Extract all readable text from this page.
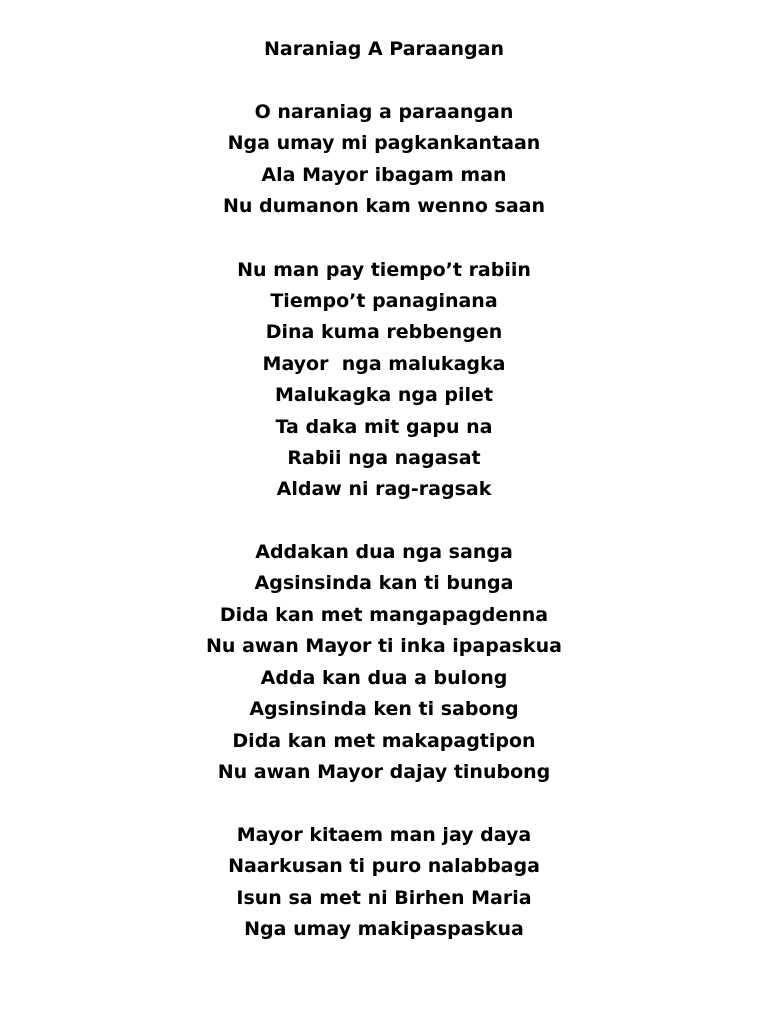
Naraniag A Paraangan
O naraniag a paraangan
Nga umay mi pagkankantaan
Ala Mayor ibagam man
Nu dumanon kam wenno saan
Nu man pay tiempo’t rabiin
Tiempo’t panaginana
Dina kuma rebbengen
Mayor  nga malukagka
Malukagka nga pilet
Ta daka mit gapu na
Rabii nga nagasat
Aldaw ni rag-ragsak
Addakan dua nga sanga
Agsinsinda kan ti bunga
Dida kan met mangapagdenna
Nu awan Mayor ti inka ipapaskua
Adda kan dua a bulong
Agsinsinda ken ti sabong
Dida kan met makapagtipon
Nu awan Mayor dajay tinubong
Mayor kitaem man jay daya
Naarkusan ti puro nalabbaga
Isun sa met ni Birhen Maria
Nga umay makipaspaskua
